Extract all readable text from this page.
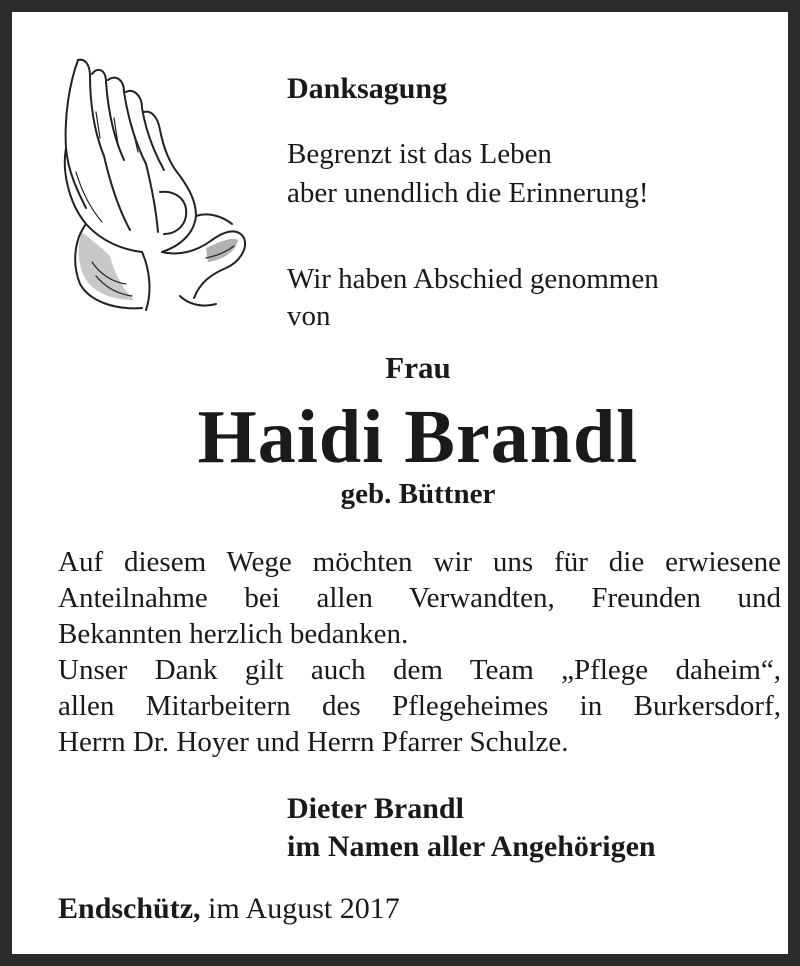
Danksagung

Begrenzt ist das Leben

aber unendlich die Erinnerung!

Wir haben Abschied genommen

von

Frau

Haidi Brandl

geb. Büttner

Auf diesem Wege möchten wir uns für die erwiesene

Anteilnahme bei allen Verwandten, Freunden und

Bekannten herzlich bedanken.

Unser Dank gilt auch dem Team „Pflege daheim“,

allen Mitarbeitern des Pflegeheimes in Burkersdorf,

Herrn Dr. Hoyer und Herrn Pfarrer Schulze.

Dieter Brandl

im Namen aller Angehörigen

Endschütz, im August 2017
